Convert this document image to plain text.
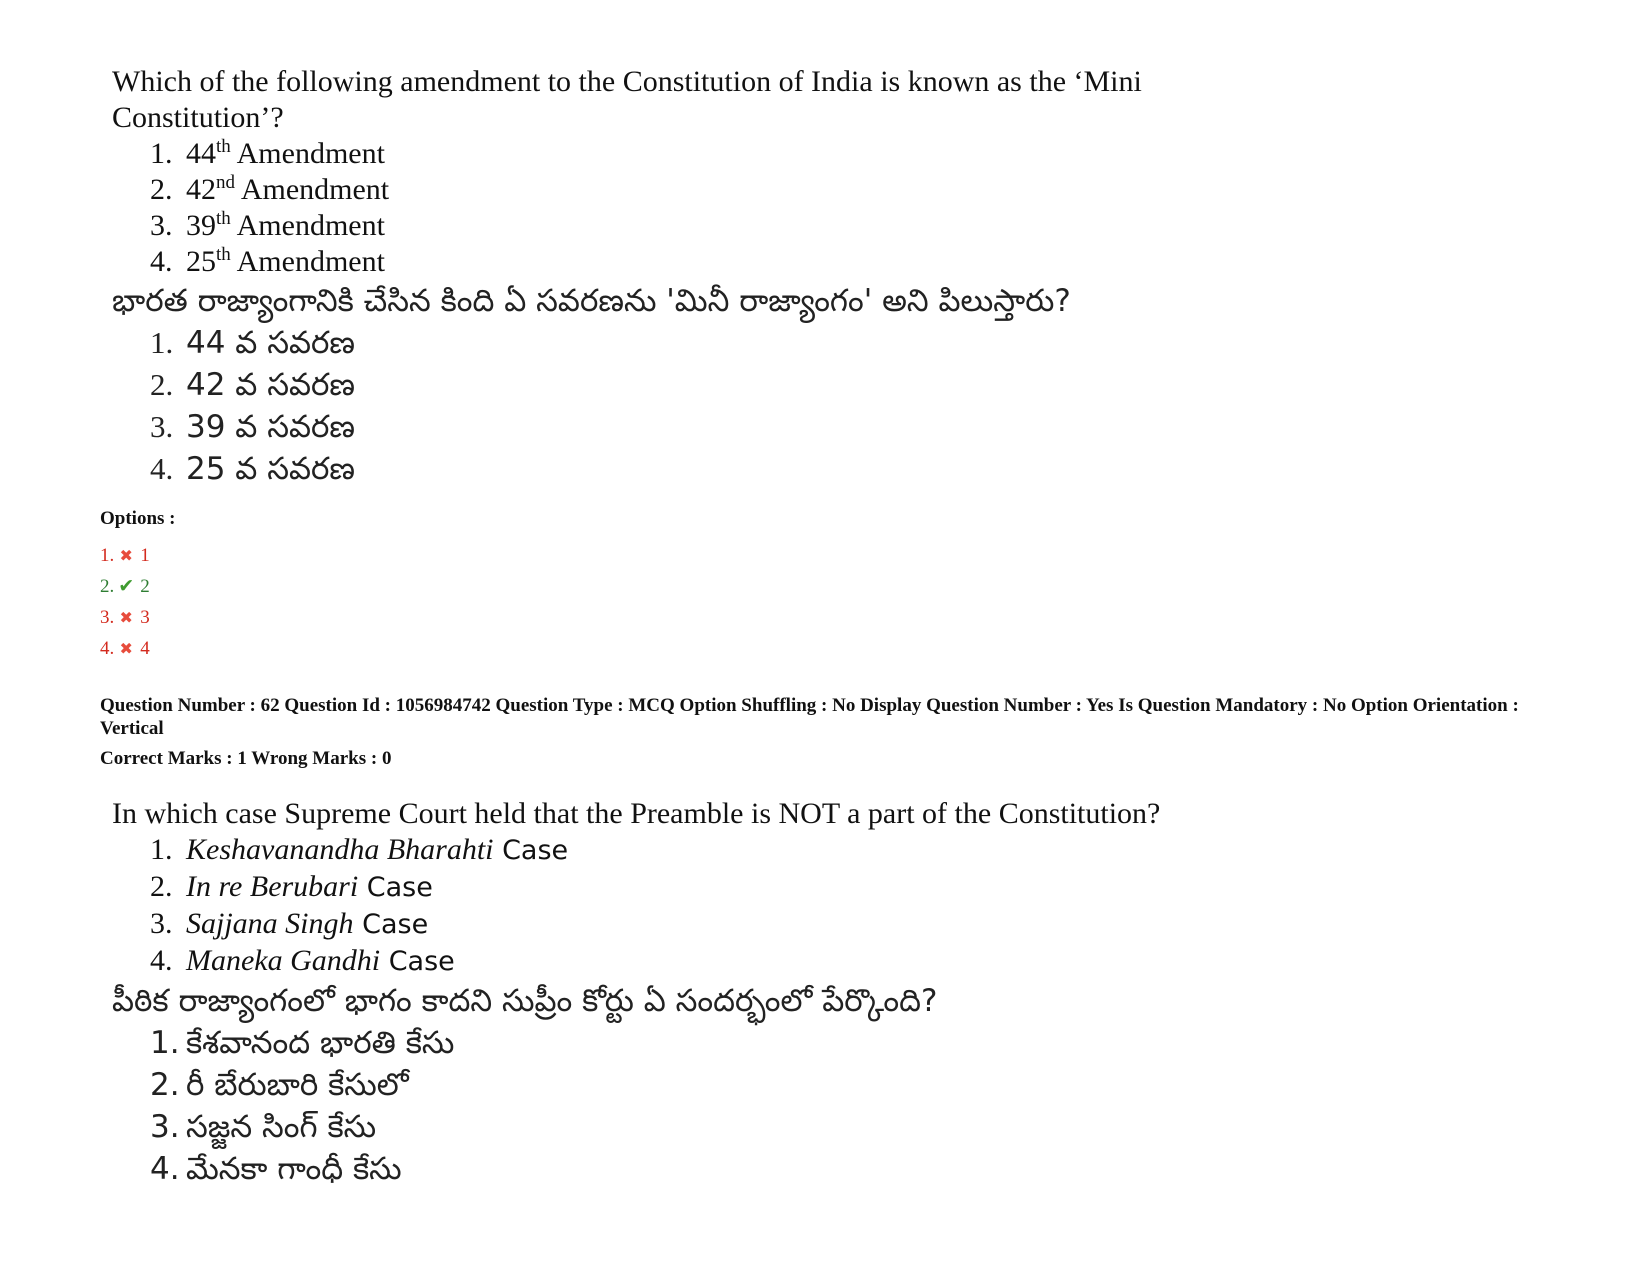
Which of the following amendment to the Constitution of India is known as the ‘Mini Constitution’?
1. 44th Amendment
2. 42nd Amendment
3. 39th Amendment
4. 25th Amendment
భారత రాజ్యాంగానికి చేసిన కింది ఏ సవరణను 'మినీ రాజ్యాంగం' అని పిలుస్తారు?
1. 44 వ సవరణ
2. 42 వ సవరణ
3. 39 వ సవరణ
4. 25 వ సవరణ
Options :
1. ✖ 1
2. ✔ 2
3. ✖ 3
4. ✖ 4
Question Number : 62 Question Id : 1056984742 Question Type : MCQ Option Shuffling : No Display Question Number : Yes Is Question Mandatory : No Option Orientation : Vertical
Correct Marks : 1 Wrong Marks : 0
In which case Supreme Court held that the Preamble is NOT a part of the Constitution?
1. Keshavanandha Bharahti Case
2. In re Berubari Case
3. Sajjana Singh Case
4. Maneka Gandhi Case
పీఠిక రాజ్యాంగంలో భాగం కాదని సుప్రీం కోర్టు ఏ సందర్భంలో పేర్కొంది?
1. కేశవానంద భారతి కేసు
2. రీ బేరుబారి కేసులో
3. సజ్జన సింగ్ కేసు
4. మేనకా గాంధీ కేసు
